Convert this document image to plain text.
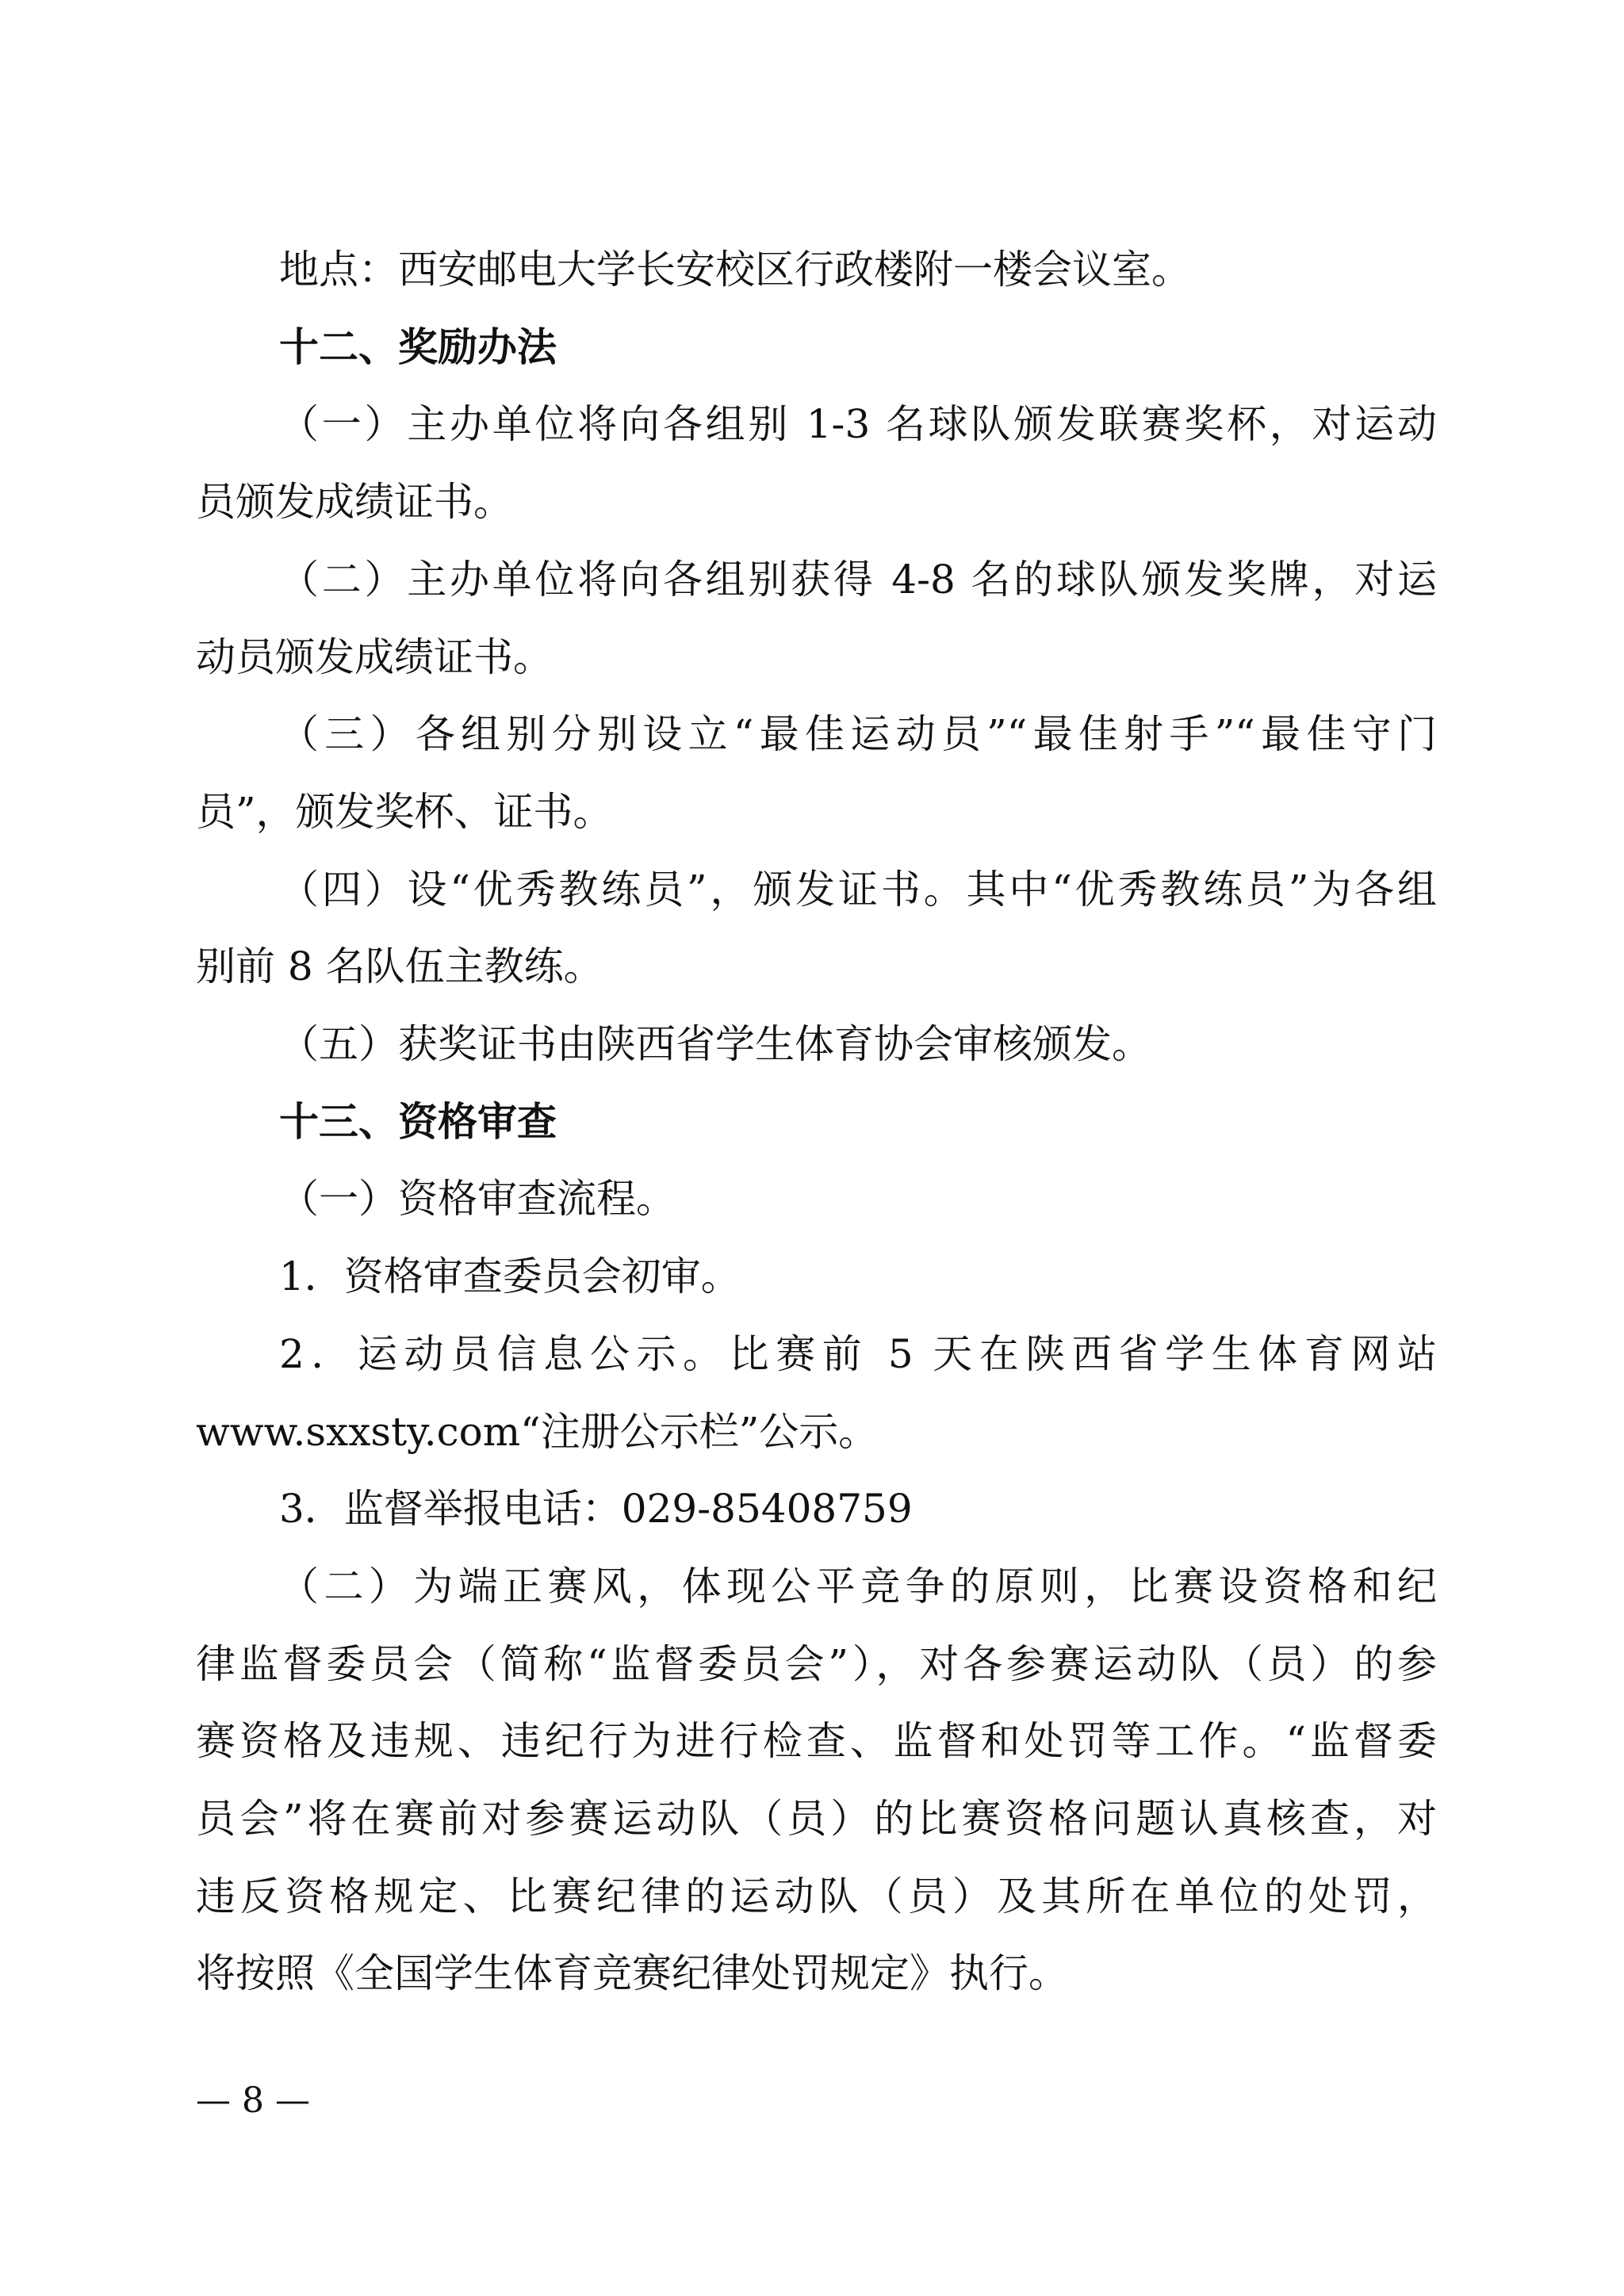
地点：西安邮电大学长安校区行政楼附一楼会议室。

十二、奖励办法

（一）主办单位将向各组别 1-3 名球队颁发联赛奖杯，对运动
员颁发成绩证书。

（二）主办单位将向各组别获得 4-8 名的球队颁发奖牌，对运
动员颁发成绩证书。

（三）各组别分别设立“最佳运动员”“最佳射手”“最佳守门
员”，颁发奖杯、证书。

（四）设“优秀教练员”，颁发证书。其中“优秀教练员”为各组
别前 8 名队伍主教练。

（五）获奖证书由陕西省学生体育协会审核颁发。

十三、资格审查

（一）资格审查流程。

1．资格审查委员会初审。

2．运动员信息公示。比赛前 5 天在陕西省学生体育网站
www.sxxsty.com“注册公示栏”公示。

3．监督举报电话：029-85408759

（二）为端正赛风，体现公平竞争的原则，比赛设资格和纪
律监督委员会（简称“监督委员会”），对各参赛运动队（员）的参
赛资格及违规、违纪行为进行检查、监督和处罚等工作。“监督委
员会”将在赛前对参赛运动队（员）的比赛资格问题认真核查，对
违反资格规定、比赛纪律的运动队（员）及其所在单位的处罚，
将按照《全国学生体育竞赛纪律处罚规定》执行。

— 8 —
